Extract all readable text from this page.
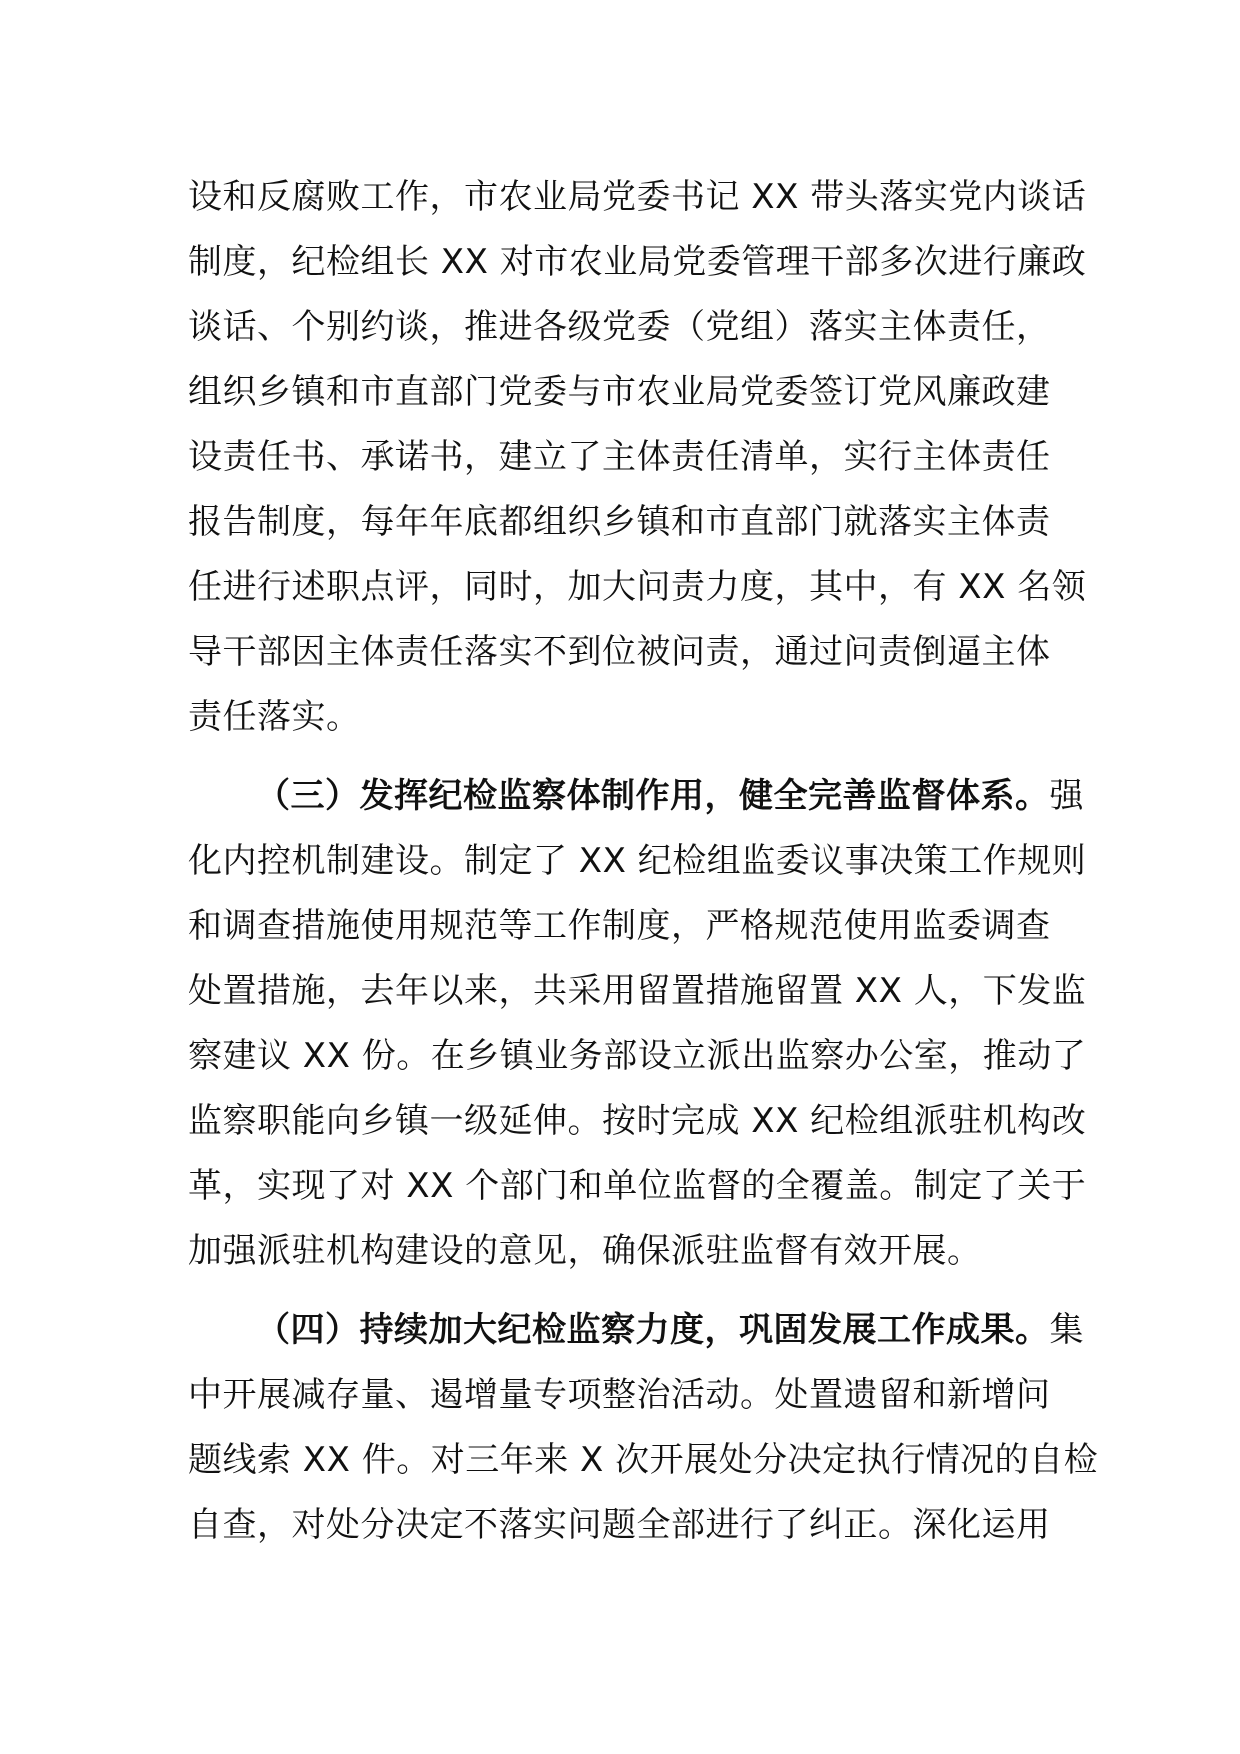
设和反腐败工作，市农业局党委书记 XX 带头落实党内谈话
制度，纪检组长 XX 对市农业局党委管理干部多次进行廉政
谈话、个别约谈，推进各级党委（党组）落实主体责任，
组织乡镇和市直部门党委与市农业局党委签订党风廉政建
设责任书、承诺书，建立了主体责任清单，实行主体责任
报告制度，每年年底都组织乡镇和市直部门就落实主体责
任进行述职点评，同时，加大问责力度，其中，有 XX 名领
导干部因主体责任落实不到位被问责，通过问责倒逼主体
责任落实。
（三）发挥纪检监察体制作用，健全完善监督体系。强
化内控机制建设。制定了 XX 纪检组监委议事决策工作规则
和调查措施使用规范等工作制度，严格规范使用监委调查
处置措施，去年以来，共采用留置措施留置 XX 人，下发监
察建议 XX 份。在乡镇业务部设立派出监察办公室，推动了
监察职能向乡镇一级延伸。按时完成 XX 纪检组派驻机构改
革，实现了对 XX 个部门和单位监督的全覆盖。制定了关于
加强派驻机构建设的意见，确保派驻监督有效开展。
（四）持续加大纪检监察力度，巩固发展工作成果。集
中开展减存量、遏增量专项整治活动。处置遗留和新增问
题线索 XX 件。对三年来 X 次开展处分决定执行情况的自检
自查，对处分决定不落实问题全部进行了纠正。深化运用
